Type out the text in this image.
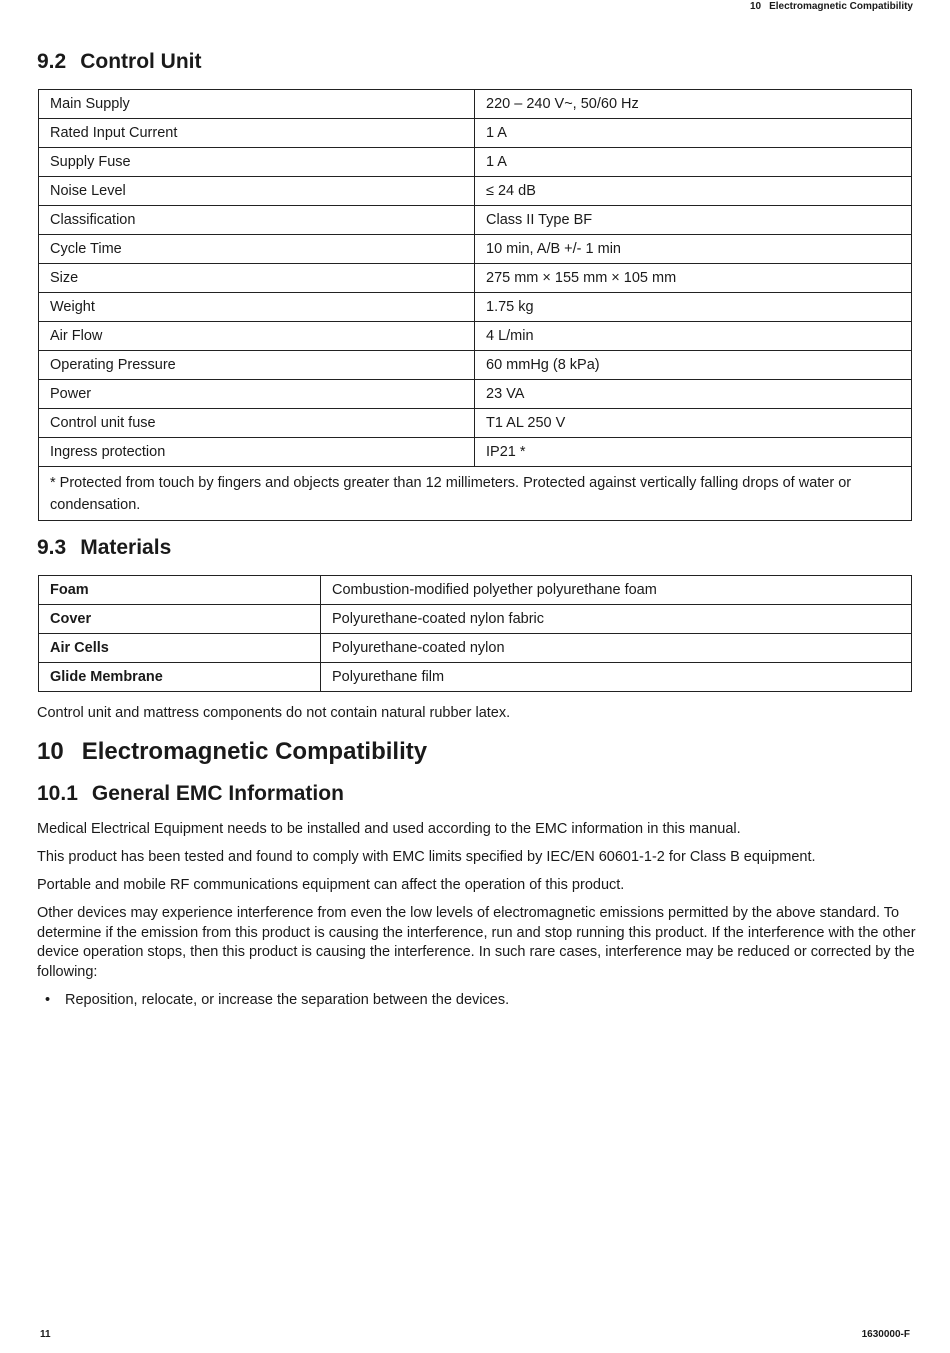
10 Electromagnetic Compatibility
9.2 Control Unit
Main Supply	220 – 240 V~, 50/60 Hz
Rated Input Current	1 A
Supply Fuse	1 A
Noise Level	≤ 24 dB
Classification	Class II Type BF
Cycle Time	10 min, A/B +/- 1 min
Size	275 mm × 155 mm × 105 mm
Weight	1.75 kg
Air Flow	4 L/min
Operating Pressure	60 mmHg (8 kPa)
Power	23 VA
Control unit fuse	T1 AL 250 V
Ingress protection	IP21 *
* Protected from touch by fingers and objects greater than 12 millimeters. Protected against vertically falling drops of water or condensation.	
9.3 Materials
Foam	Combustion-modified polyether polyurethane foam
Cover	Polyurethane-coated nylon fabric
Air Cells	Polyurethane-coated nylon
Glide Membrane	Polyurethane film

Control unit and mattress components do not contain natural rubber latex.

10 Electromagnetic Compatibility
10.1 General EMC Information

Medical Electrical Equipment needs to be installed and used according to the EMC information in this manual.

This product has been tested and found to comply with EMC limits specified by IEC/EN 60601-1-2 for Class B equipment.

Portable and mobile RF communications equipment can affect the operation of this product.

Other devices may experience interference from even the low levels of electromagnetic emissions permitted by the above standard. To determine if the emission from this product is causing the interference, run and stop running this product. If the interference with the other device operation stops, then this product is causing the interference. In such rare cases, interference may be reduced or corrected by the following:

• Reposition, relocate, or increase the separation between the devices.
11	1630000-F
